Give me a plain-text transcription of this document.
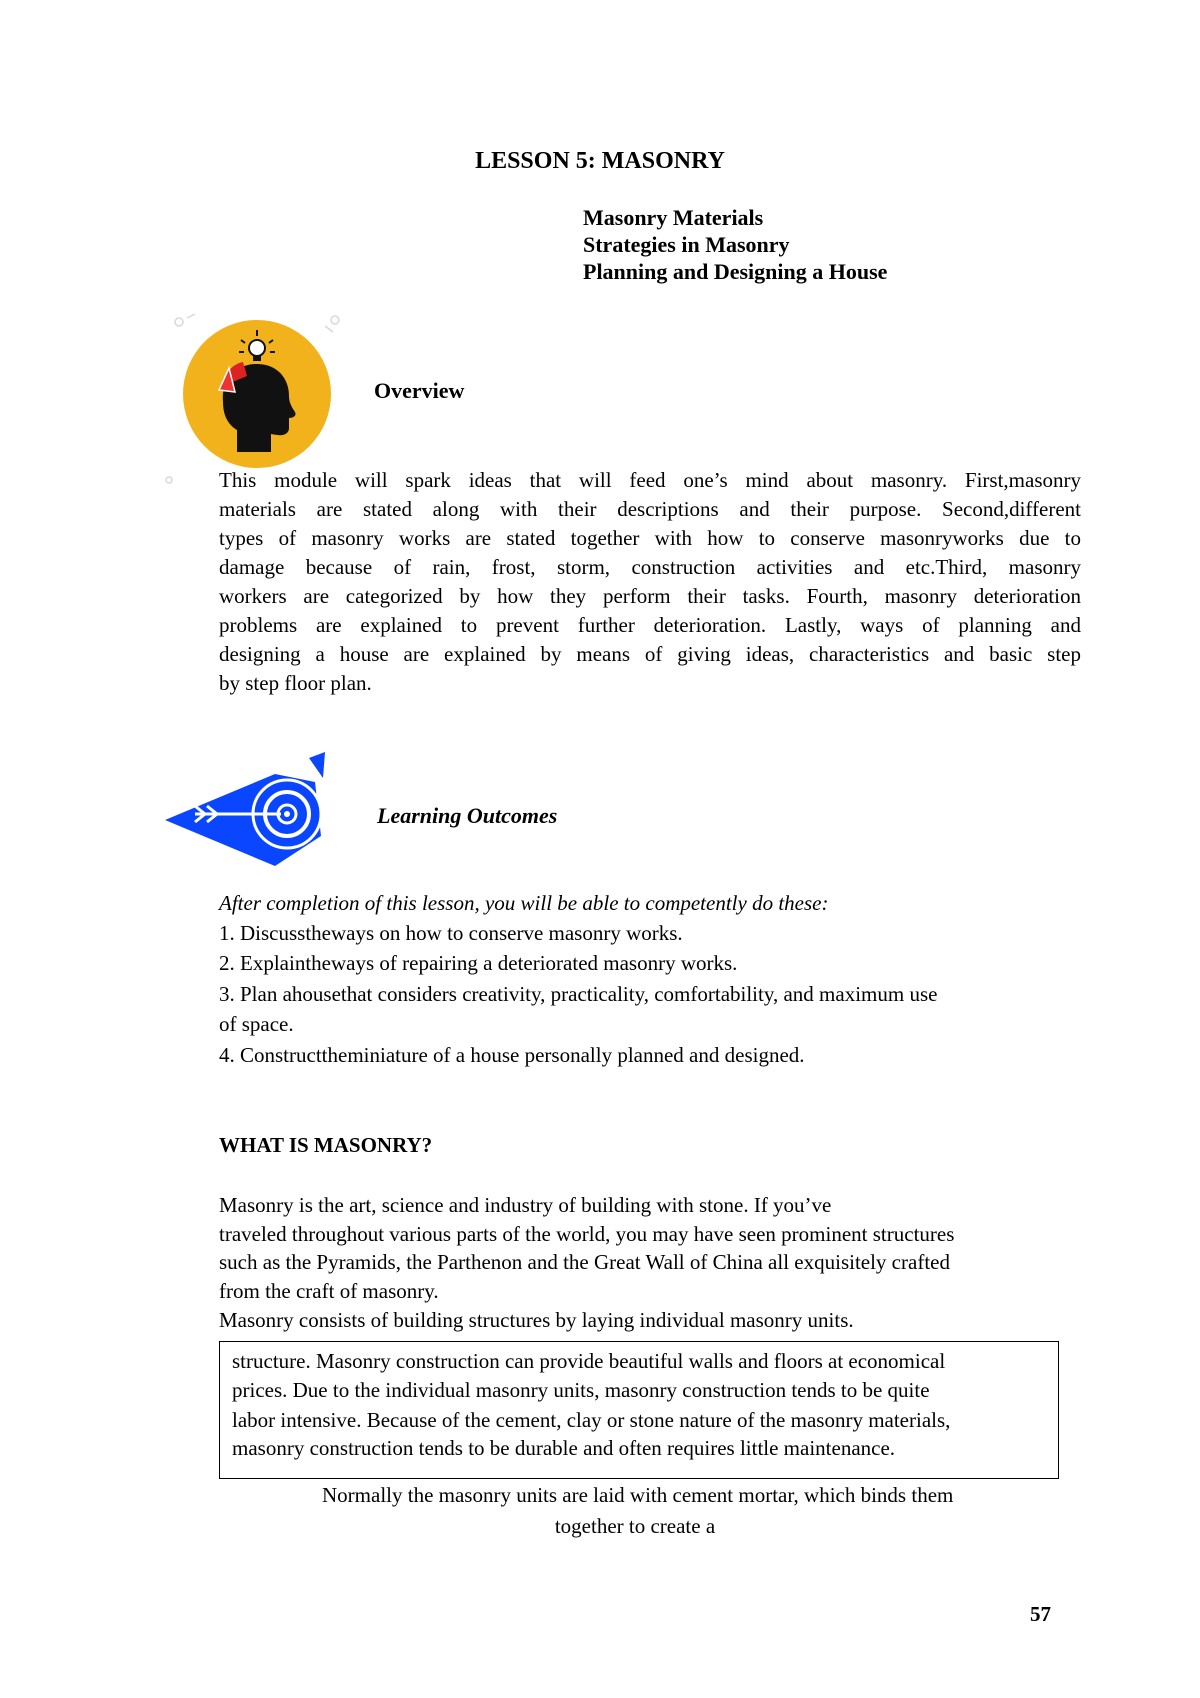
LESSON 5: MASONRY
Masonry Materials
Strategies in Masonry
Planning and Designing a House
Overview
This module will spark ideas that will feed one’s mind about masonry. First,masonry
materials are stated along with their descriptions and their purpose. Second,different
types of masonry works are stated together with how to conserve masonryworks due to
damage because of rain, frost, storm, construction activities and etc.Third, masonry
workers are categorized by how they perform their tasks. Fourth, masonry deterioration
problems are explained to prevent further deterioration. Lastly, ways of planning and
designing a house are explained by means of giving ideas, characteristics and basic step
by step floor plan.
Learning Outcomes
After completion of this lesson, you will be able to competently do these:
1. Discusstheways on how to conserve masonry works.
2. Explaintheways of repairing a deteriorated masonry works.
3. Plan ahousethat considers creativity, practicality, comfortability, and maximum use
of space.
4. Constructtheminiature of a house personally planned and designed.
WHAT IS MASONRY?
Masonry is the art, science and industry of building with stone. If you’ve
traveled throughout various parts of the world, you may have seen prominent structures
such as the Pyramids, the Parthenon and the Great Wall of China all exquisitely crafted
from the craft of masonry.
Masonry consists of building structures by laying individual masonry units.
structure. Masonry construction can provide beautiful walls and floors at economical
prices. Due to the individual masonry units, masonry construction tends to be quite
labor intensive. Because of the cement, clay or stone nature of the masonry materials,
masonry construction tends to be durable and often requires little maintenance.
Normally the masonry units are laid with cement mortar, which binds them
together to create a
57
